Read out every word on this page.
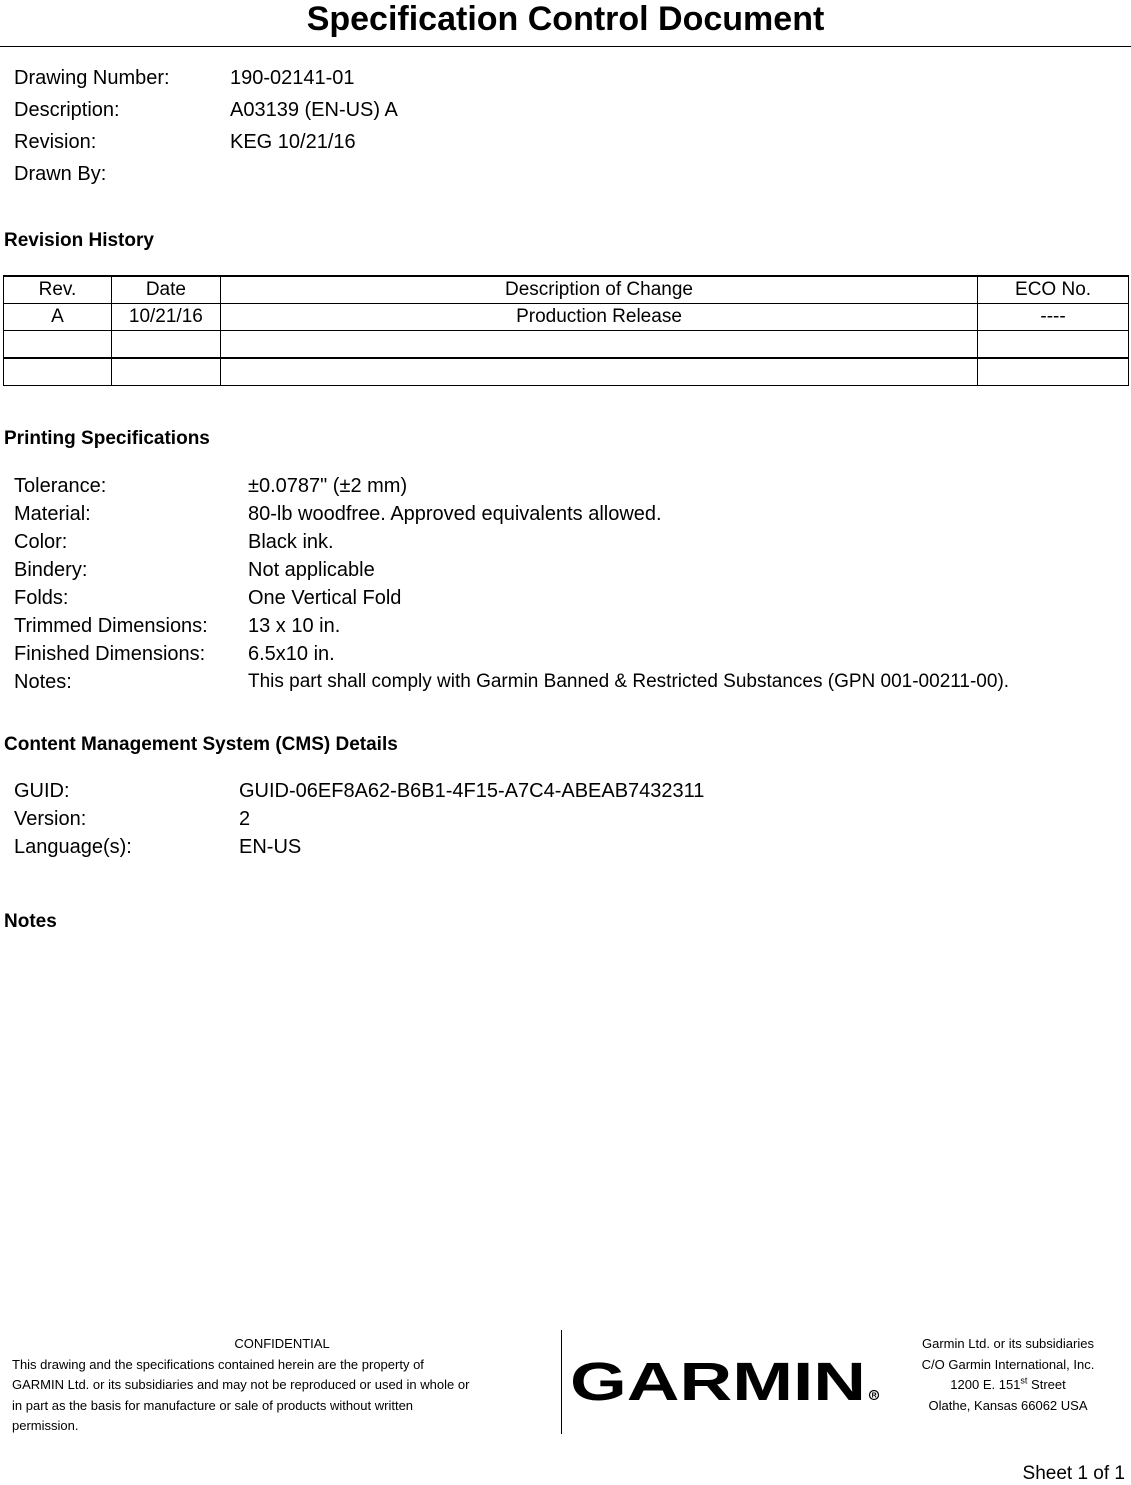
Specification Control Document
Drawing Number:	190-02141-01
Description:	A03139 (EN-US) A
Revision:	KEG 10/21/16
Drawn By:
Revision History
Rev.	Date	Description of Change	ECO No.
A	10/21/16	Production Release	----

Printing Specifications
Tolerance:	±0.0787" (±2 mm)
Material:	80-lb woodfree. Approved equivalents allowed.
Color:	Black ink.
Bindery:	Not applicable
Folds:	One Vertical Fold
Trimmed Dimensions: 13 x 10 in.
Finished Dimensions: 6.5x10 in.
Notes:	This part shall comply with Garmin Banned & Restricted Substances (GPN 001-00211-00).
Content Management System (CMS) Details
GUID:	GUID-06EF8A62-B6B1-4F15-A7C4-ABEAB7432311
Version:	2
Language(s):	EN-US
Notes
CONFIDENTIAL
This drawing and the specifications contained herein are the property of
GARMIN Ltd. or its subsidiaries and may not be reproduced or used in whole or
in part as the basis for manufacture or sale of products without written
permission.
GARMIN R
Garmin Ltd. or its subsidiaries
C/O Garmin International, Inc.
1200 E. 151st Street
Olathe, Kansas 66062 USA
Sheet 1 of 1
